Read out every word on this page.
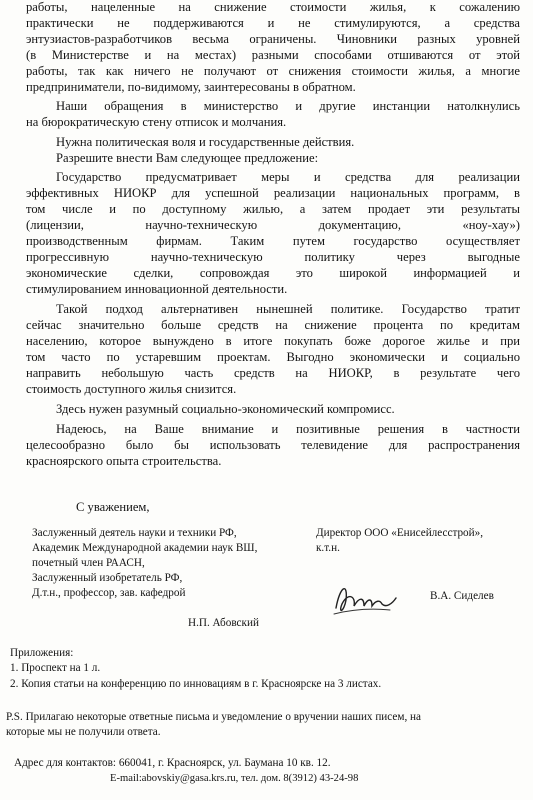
работы, нацеленные на снижение стоимости жилья, к сожалению
практически не поддерживаются и не стимулируются, а средства
энтузиастов-разработчиков весьма ограничены. Чиновники разных уровней
(в Министерстве и на местах) разными способами отшиваются от этой
работы, так как ничего не получают от снижения стоимости жилья, а многие
предприниматели, по-видимому, заинтересованы в обратном.
Наши обращения в министерство и другие инстанции натолкнулись
на бюрократическую стену отписок и молчания.
Нужна политическая воля и государственные действия.
Разрешите внести Вам следующее предложение:
Государство предусматривает меры и средства для реализации
эффективных НИОКР для успешной реализации национальных программ, в
том числе и по доступному жилью, а затем продает эти результаты
(лицензии, научно-техническую документацию, «ноу-хау»)
производственным фирмам. Таким путем государство осуществляет
прогрессивную научно-техническую политику через выгодные
экономические сделки, сопровождая это широкой информацией и
стимулированием инновационной деятельности.
Такой подход альтернативен нынешней политике. Государство тратит
сейчас значительно больше средств на снижение процента по кредитам
населению, которое вынуждено в итоге покупать боже дорогое жилье и при
том часто по устаревшим проектам. Выгодно экономически и социально
направить небольшую часть средств на НИОКР, в результате чего
стоимость доступного жилья снизится.
Здесь нужен разумный социально-экономический компромисс.
Надеюсь, на Ваше внимание и позитивные решения в частности
целесообразно было бы использовать телевидение для распространения
красноярского опыта строительства.
С уважением,
Заслуженный деятель науки и техники РФ,
Академик Международной академии наук ВШ,
почетный член РААСН,
Заслуженный изобретатель РФ,
Д.т.н., профессор, зав. кафедрой
Н.П. Абовский
Директор ООО «Енисейлесстрой»,
к.т.н.
В.А. Сиделев
Приложения:
1. Проспект на 1 л.
2. Копия статьи на конференцию по инновациям в г. Красноярске на 3 листах.
P.S. Прилагаю некоторые ответные письма и уведомление о вручении наших писем, на
которые мы не получили ответа.
Адрес для контактов: 660041, г. Красноярск, ул. Баумана 10 кв. 12.
E-mail:abovskiy@gasa.krs.ru, тел. дом. 8(3912) 43-24-98
